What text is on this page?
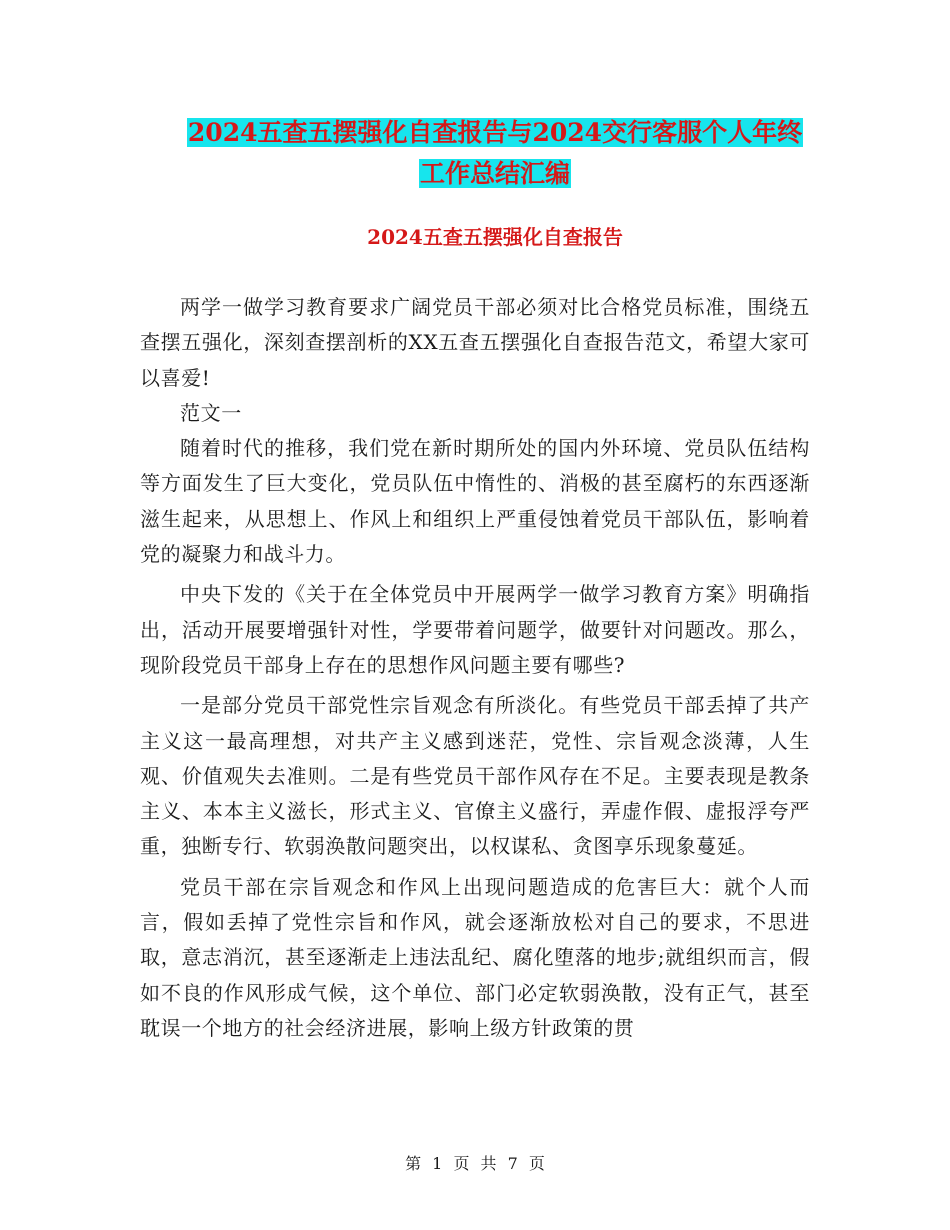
2024五查五摆强化自查报告与2024交行客服个人年终
工作总结汇编
2024五查五摆强化自查报告

两学一做学习教育要求广阔党员干部必须对比合格党员标准，围绕五查摆五强化，深刻查摆剖析的XX五查五摆强化自查报告范文，希望大家可以喜爱!

范文一

随着时代的推移，我们党在新时期所处的国内外环境、党员队伍结构等方面发生了巨大变化，党员队伍中惰性的、消极的甚至腐朽的东西逐渐滋生起来，从思想上、作风上和组织上严重侵蚀着党员干部队伍，影响着党的凝聚力和战斗力。

中央下发的《关于在全体党员中开展两学一做学习教育方案》明确指出，活动开展要增强针对性，学要带着问题学，做要针对问题改。那么，现阶段党员干部身上存在的思想作风问题主要有哪些?

一是部分党员干部党性宗旨观念有所淡化。有些党员干部丢掉了共产主义这一最高理想，对共产主义感到迷茫，党性、宗旨观念淡薄，人生观、价值观失去准则。二是有些党员干部作风存在不足。主要表现是教条主义、本本主义滋长，形式主义、官僚主义盛行，弄虚作假、虚报浮夸严重，独断专行、软弱涣散问题突出，以权谋私、贪图享乐现象蔓延。

党员干部在宗旨观念和作风上出现问题造成的危害巨大：就个人而言，假如丢掉了党性宗旨和作风，就会逐渐放松对自己的要求，不思进取，意志消沉，甚至逐渐走上违法乱纪、腐化堕落的地步;就组织而言，假如不良的作风形成气候，这个单位、部门必定软弱涣散，没有正气，甚至耽误一个地方的社会经济进展，影响上级方针政策的贯

第 1 页 共 7 页
